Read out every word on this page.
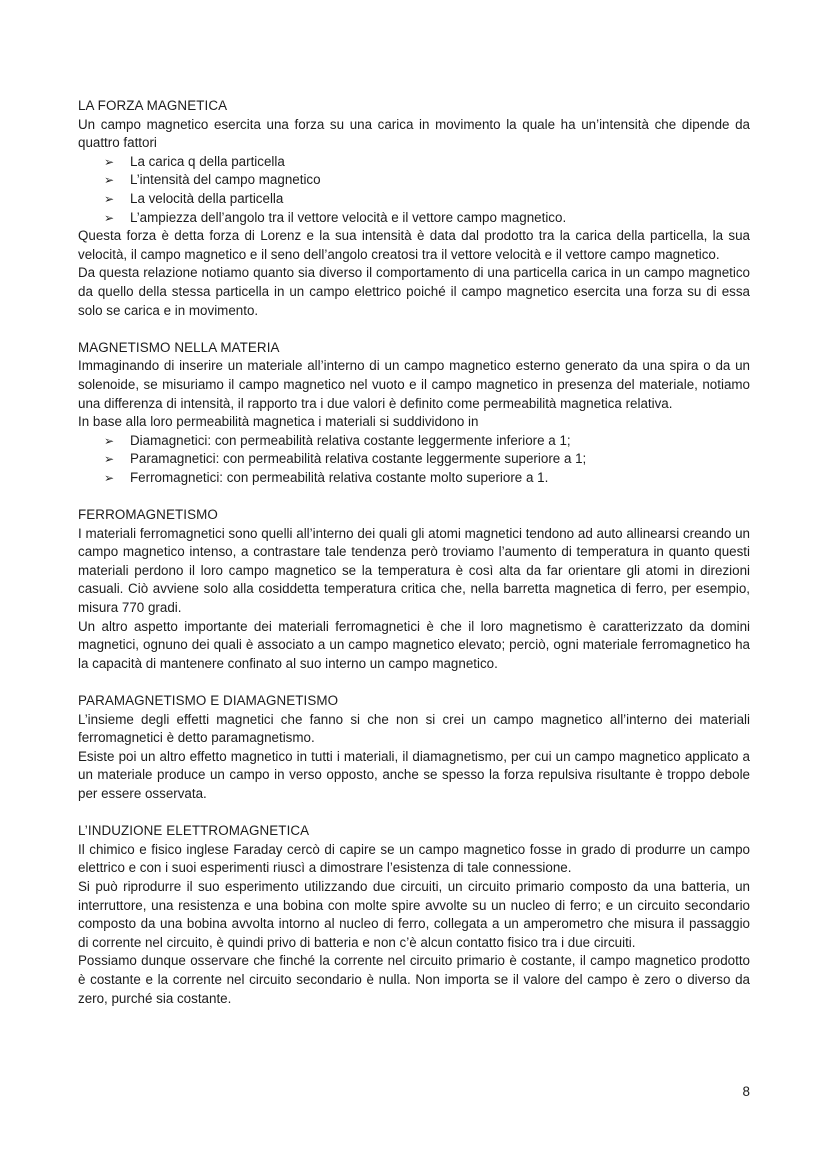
LA FORZA MAGNETICA

Un campo magnetico esercita una forza su una carica in movimento la quale ha un’intensità che dipende da quattro fattori

➢ La carica q della particella
➢ L’intensità del campo magnetico
➢ La velocità della particella
➢ L’ampiezza dell’angolo tra il vettore velocità e il vettore campo magnetico.

Questa forza è detta forza di Lorenz e la sua intensità è data dal prodotto tra la carica della particella, la sua velocità, il campo magnetico e il seno dell’angolo creatosi tra il vettore velocità e il vettore campo magnetico.

Da questa relazione notiamo quanto sia diverso il comportamento di una particella carica in un campo magnetico da quello della stessa particella in un campo elettrico poiché il campo magnetico esercita una forza su di essa solo se carica e in movimento.

MAGNETISMO NELLA MATERIA

Immaginando di inserire un materiale all’interno di un campo magnetico esterno generato da una spira o da un solenoide, se misuriamo il campo magnetico nel vuoto e il campo magnetico in presenza del materiale, notiamo una differenza di intensità, il rapporto tra i due valori è definito come permeabilità magnetica relativa.

In base alla loro permeabilità magnetica i materiali si suddividono in

➢ Diamagnetici: con permeabilità relativa costante leggermente inferiore a 1;
➢ Paramagnetici: con permeabilità relativa costante leggermente superiore a 1;
➢ Ferromagnetici: con permeabilità relativa costante molto superiore a 1.
FERROMAGNETISMO

I materiali ferromagnetici sono quelli all’interno dei quali gli atomi magnetici tendono ad auto allinearsi creando un campo magnetico intenso, a contrastare tale tendenza però troviamo l’aumento di temperatura in quanto questi materiali perdono il loro campo magnetico se la temperatura è così alta da far orientare gli atomi in direzioni casuali. Ciò avviene solo alla cosiddetta temperatura critica che, nella barretta magnetica di ferro, per esempio, misura 770 gradi.

Un altro aspetto importante dei materiali ferromagnetici è che il loro magnetismo è caratterizzato da domini magnetici, ognuno dei quali è associato a un campo magnetico elevato; perciò, ogni materiale ferromagnetico ha la capacità di mantenere confinato al suo interno un campo magnetico.

PARAMAGNETISMO E DIAMAGNETISMO

L’insieme degli effetti magnetici che fanno si che non si crei un campo magnetico all’interno dei materiali ferromagnetici è detto paramagnetismo.

Esiste poi un altro effetto magnetico in tutti i materiali, il diamagnetismo, per cui un campo magnetico applicato a un materiale produce un campo in verso opposto, anche se spesso la forza repulsiva risultante è troppo debole per essere osservata.

L’INDUZIONE ELETTROMAGNETICA

Il chimico e fisico inglese Faraday cercò di capire se un campo magnetico fosse in grado di produrre un campo elettrico e con i suoi esperimenti riuscì a dimostrare l’esistenza di tale connessione.

Si può riprodurre il suo esperimento utilizzando due circuiti, un circuito primario composto da una batteria, un interruttore, una resistenza e una bobina con molte spire avvolte su un nucleo di ferro; e un circuito secondario composto da una bobina avvolta intorno al nucleo di ferro, collegata a un amperometro che misura il passaggio di corrente nel circuito, è quindi privo di batteria e non c’è alcun contatto fisico tra i due circuiti.

Possiamo dunque osservare che finché la corrente nel circuito primario è costante, il campo magnetico prodotto è costante e la corrente nel circuito secondario è nulla. Non importa se il valore del campo è zero o diverso da zero, purché sia costante.

8
